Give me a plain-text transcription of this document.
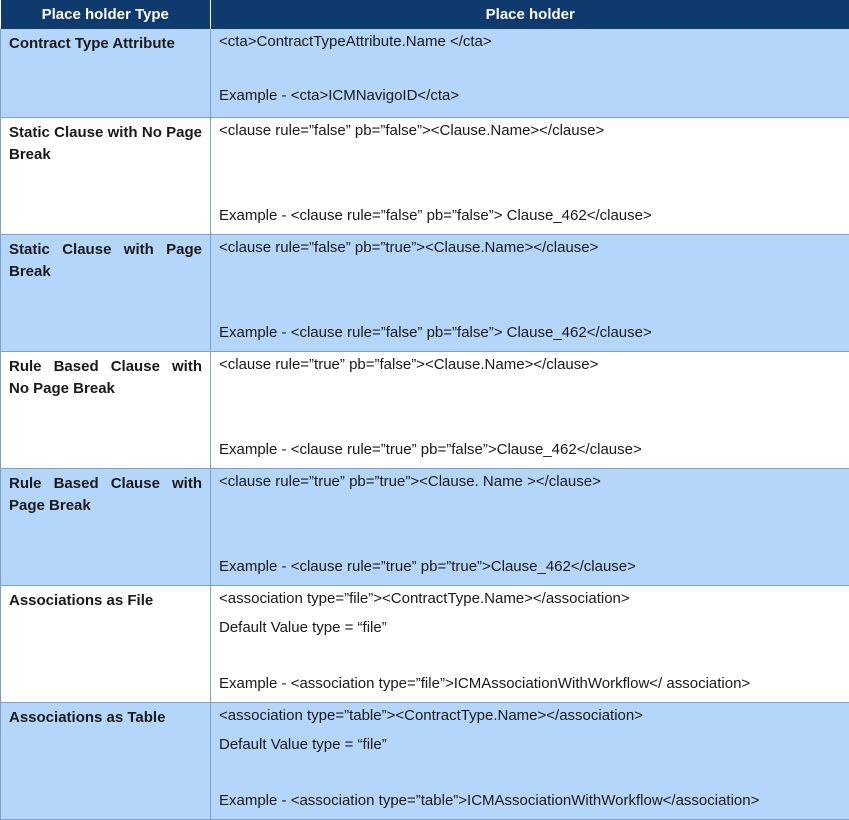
Place holder Type	Place holder

Contract Type Attribute	<cta>ContractTypeAttribute.Name </cta>
Example - <cta>ICMNavigoID</cta>

Static Clause with No Page Break	<clause rule=”false” pb=”false”><Clause.Name></clause>
Example - <clause rule=”false” pb=”false”> Clause_462</clause>

Static Clause with Page Break	<clause rule=”false” pb=”true”><Clause.Name></clause>
Example - <clause rule=”false” pb=”false”> Clause_462</clause>

Rule Based Clause with No Page Break	<clause rule=”true” pb=”false”><Clause.Name></clause>
Example - <clause rule=”true” pb=”false”>Clause_462</clause>

Rule Based Clause with Page Break	<clause rule=”true” pb=”true”><Clause. Name ></clause>
Example - <clause rule=”true” pb=”true”>Clause_462</clause>

Associations as File	<association type=”file”><ContractType.Name></association>
Default Value type = “file”
Example - <association type=”file”>ICMAssociationWithWorkflow</ association>

Associations as Table	<association type=”table”><ContractType.Name></association>
Default Value type = “file”
Example - <association type=”table”>ICMAssociationWithWorkflow</association>
